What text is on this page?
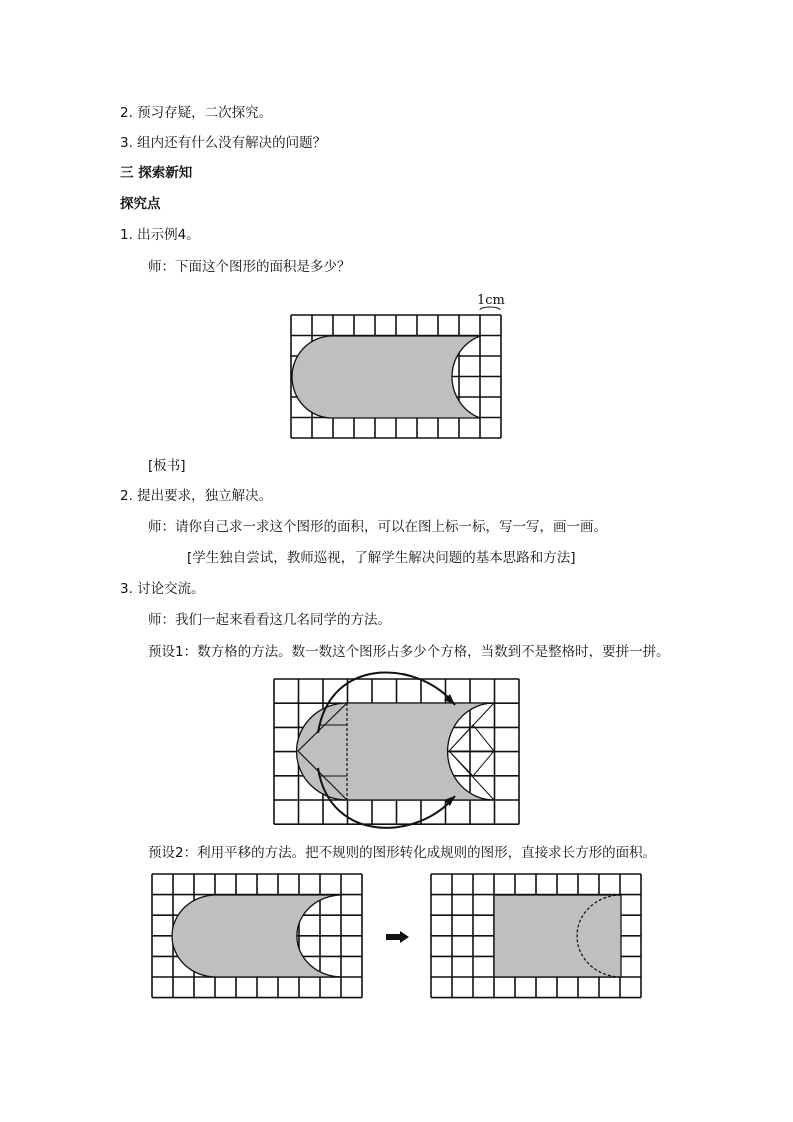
2. 预习存疑，二次探究。
3. 组内还有什么没有解决的问题？
三 探索新知
探究点
1. 出示例4。
师：下面这个图形的面积是多少？
1cm
[板书]
2. 提出要求，独立解决。
师：请你自己求一求这个图形的面积，可以在图上标一标，写一写，画一画。
[学生独自尝试，教师巡视，了解学生解决问题的基本思路和方法]
3. 讨论交流。
师：我们一起来看看这几名同学的方法。
预设1：数方格的方法。数一数这个图形占多少个方格，当数到不是整格时，要拼一拼。
预设2：利用平移的方法。把不规则的图形转化成规则的图形，直接求长方形的面积。
